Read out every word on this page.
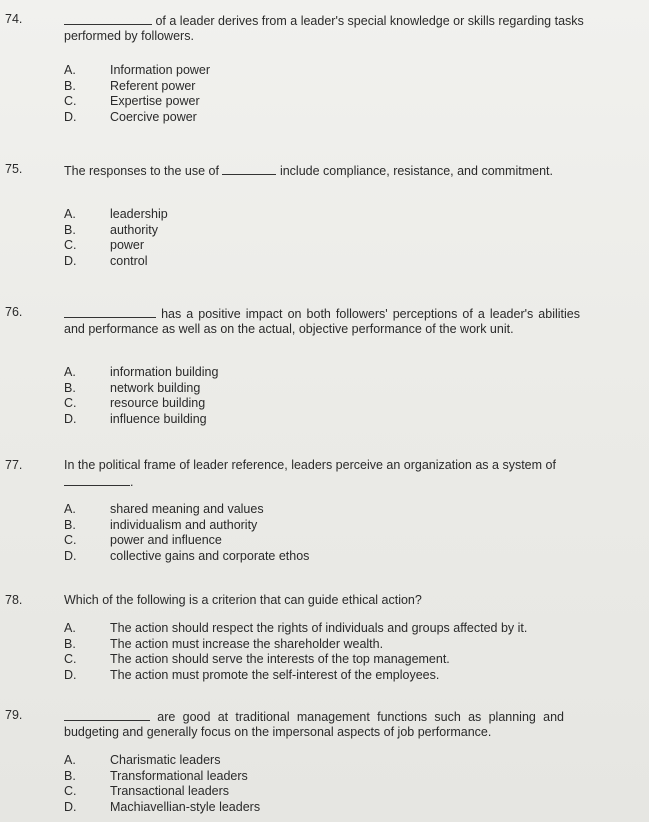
74.	of a leader derives from a leader's special knowledge or skills regarding tasks performed by followers.
A.	Information power
B.	Referent power
C.	Expertise power
D.	Coercive power
75.	The responses to the use of	include compliance, resistance, and commitment.
A.	leadership
B.	authority
C.	power
D.	control
76.	has a positive impact on both followers' perceptions of a leader's abilities and performance as well as on the actual, objective performance of the work unit.
A.	information building
B.	network building
C.	resource building
D.	influence building
77.	In the political frame of leader reference, leaders perceive an organization as a system of .
A.	shared meaning and values
B.	individualism and authority
C.	power and influence
D.	collective gains and corporate ethos
78.	Which of the following is a criterion that can guide ethical action?
A.	The action should respect the rights of individuals and groups affected by it.
B.	The action must increase the shareholder wealth.
C.	The action should serve the interests of the top management.
D.	The action must promote the self-interest of the employees.
79.	are good at traditional management functions such as planning and budgeting and generally focus on the impersonal aspects of job performance.
A.	Charismatic leaders
B.	Transformational leaders
C.	Transactional leaders
D.	Machiavellian-style leaders
